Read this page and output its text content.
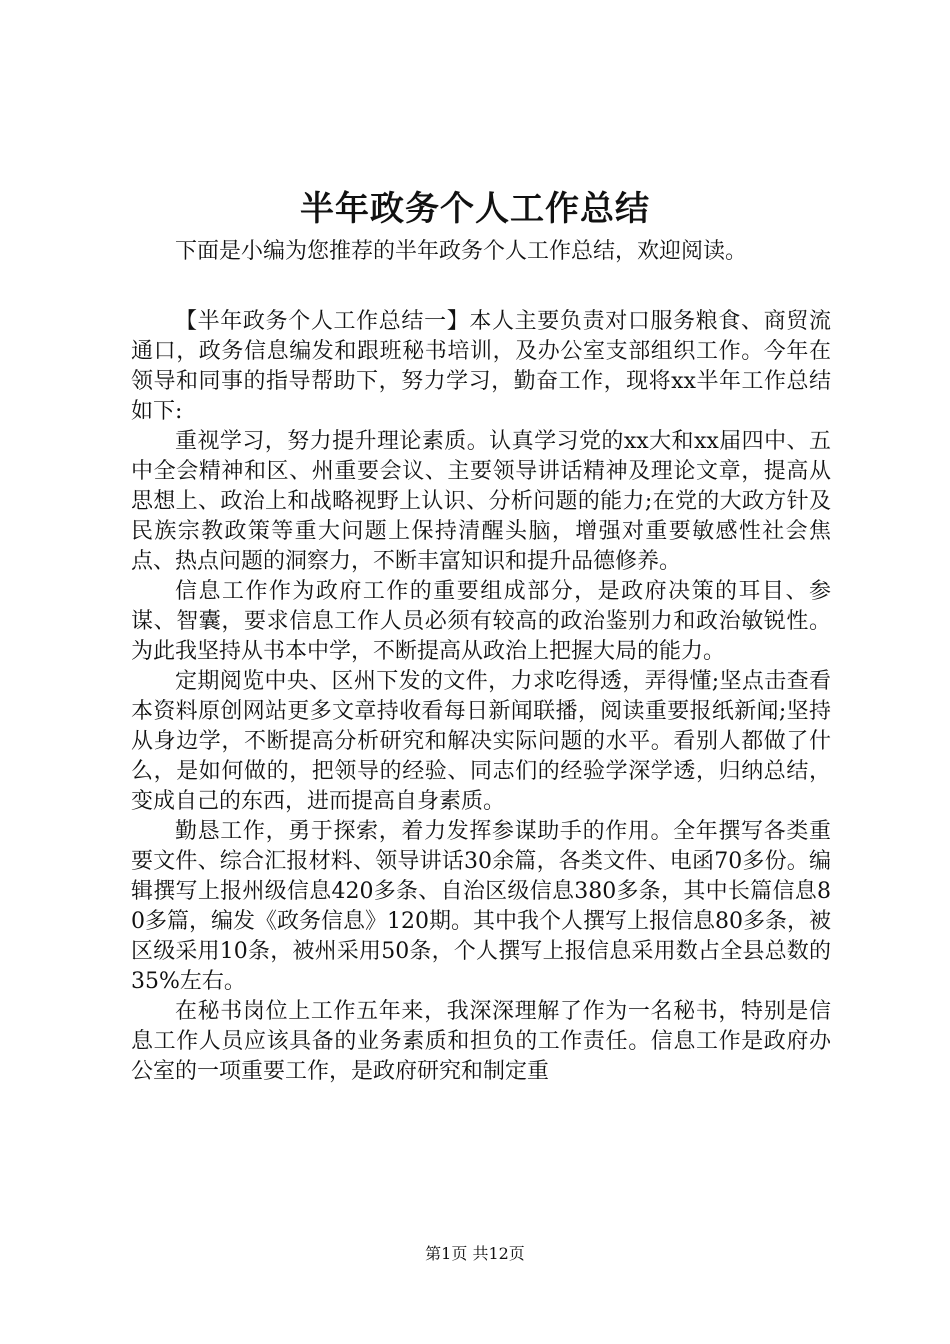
半年政务个人工作总结

下面是小编为您推荐的半年政务个人工作总结，欢迎阅读。

【半年政务个人工作总结一】本人主要负责对口服务粮食、商贸流通口，政务信息编发和跟班秘书培训，及办公室支部组织工作。今年在领导和同事的指导帮助下，努力学习，勤奋工作，现将xx半年工作总结如下:

重视学习，努力提升理论素质。认真学习党的xx大和xx届四中、五中全会精神和区、州重要会议、主要领导讲话精神及理论文章，提高从思想上、政治上和战略视野上认识、分析问题的能力;在党的大政方针及民族宗教政策等重大问题上保持清醒头脑，增强对重要敏感性社会焦点、热点问题的洞察力，不断丰富知识和提升品德修养。

信息工作作为政府工作的重要组成部分，是政府决策的耳目、参谋、智囊，要求信息工作人员必须有较高的政治鉴别力和政治敏锐性。为此我坚持从书本中学，不断提高从政治上把握大局的能力。

定期阅览中央、区州下发的文件，力求吃得透，弄得懂;坚点击查看本资料原创网站更多文章持收看每日新闻联播，阅读重要报纸新闻;坚持从身边学，不断提高分析研究和解决实际问题的水平。看别人都做了什么，是如何做的，把领导的经验、同志们的经验学深学透，归纳总结，变成自己的东西，进而提高自身素质。

勤恳工作，勇于探索，着力发挥参谋助手的作用。全年撰写各类重要文件、综合汇报材料、领导讲话30余篇，各类文件、电函70多份。编辑撰写上报州级信息420多条、自治区级信息380多条，其中长篇信息80多篇，编发《政务信息》120期。其中我个人撰写上报信息80多条，被区级采用10条，被州采用50条，个人撰写上报信息采用数占全县总数的35%左右。

在秘书岗位上工作五年来，我深深理解了作为一名秘书，特别是信息工作人员应该具备的业务素质和担负的工作责任。信息工作是政府办公室的一项重要工作，是政府研究和制定重

第1页 共12页
